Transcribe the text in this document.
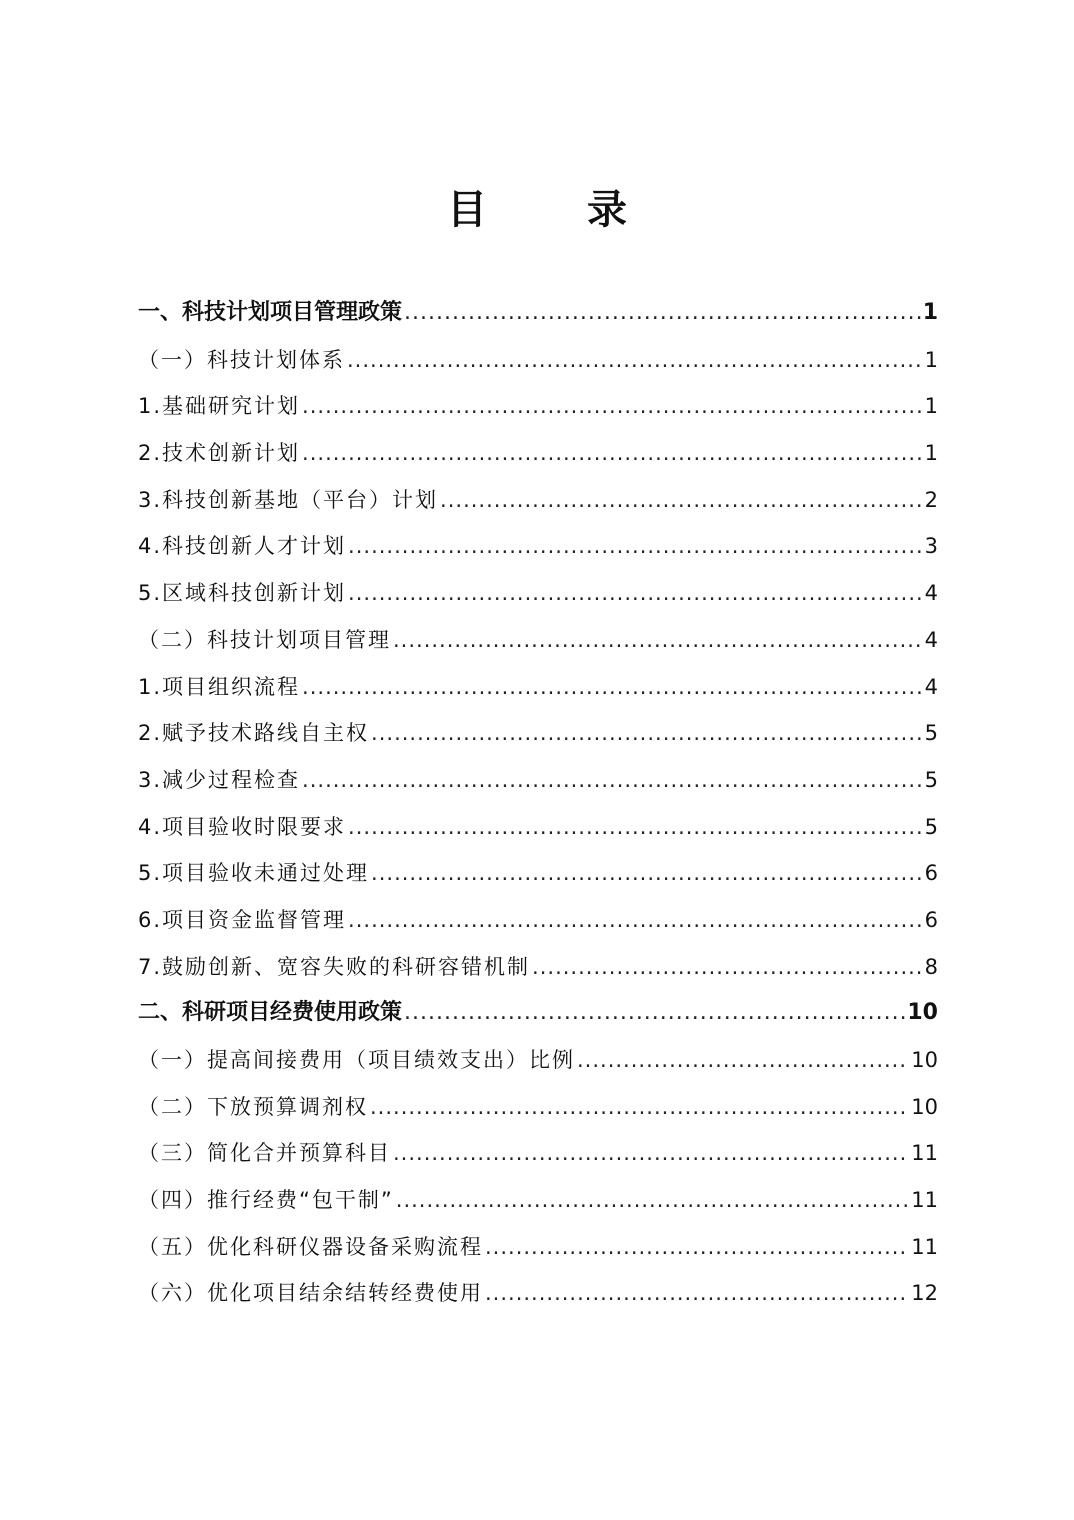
目　录
一、科技计划项目管理政策 .....	1
（一）科技计划体系 .....	1
1.基础研究计划 .....	1
2.技术创新计划 .....	1
3.科技创新基地（平台）计划 .....	2
4.科技创新人才计划 .....	3
5.区域科技创新计划 .....	4
（二）科技计划项目管理 .....	4
1.项目组织流程 .....	4
2.赋予技术路线自主权 .....	5
3.减少过程检查 .....	5
4.项目验收时限要求 .....	5
5.项目验收未通过处理 .....	6
6.项目资金监督管理 .....	6
7.鼓励创新、宽容失败的科研容错机制 .....	8
二、科研项目经费使用政策 .....	10
（一）提高间接费用（项目绩效支出）比例 .....	10
（二）下放预算调剂权 .....	10
（三）简化合并预算科目 .....	11
（四）推行经费“包干制” .....	11
（五）优化科研仪器设备采购流程 .....	11
（六）优化项目结余结转经费使用 .....	12
